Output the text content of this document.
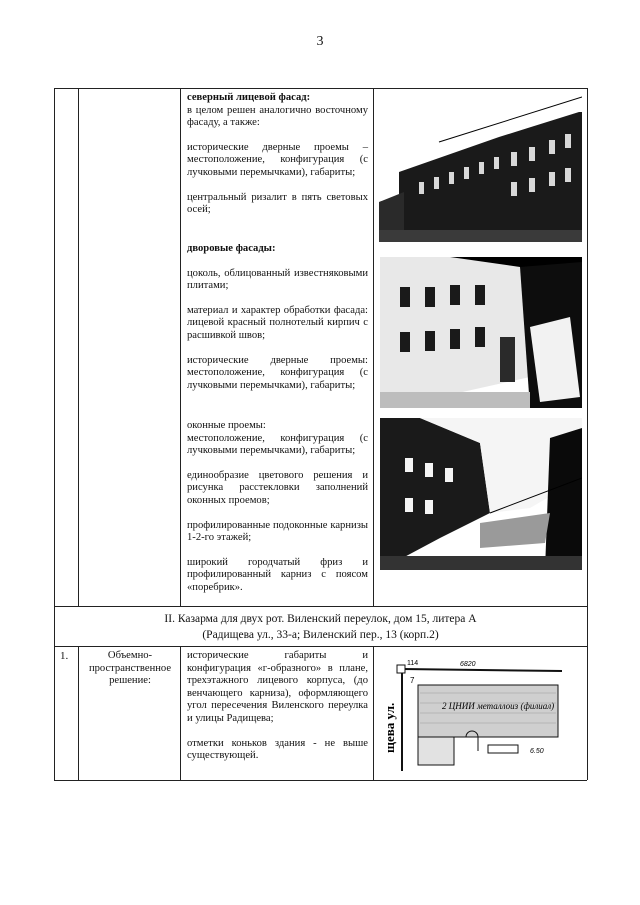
3

северный лицевой фасад:

в целом решен аналогично восточному фасаду, а также:

исторические дверные проемы – местоположение, конфигурация (с лучковыми перемычками), габариты;

центральный ризалит в пять световых осей;

дворовые фасады:

цоколь, облицованный известняковыми плитами;

материал и характер обработки фасада: лицевой красный полнотелый кирпич с расшивкой швов;

исторические дверные проемы: местоположение, конфигурация (с лучковыми перемычками), габариты;

оконные проемы:

местоположение, конфигурация (с лучковыми перемычками), габариты;

единообразие цветового решения и рисунка расстекловки заполнений оконных проемов;

профилированные подоконные карнизы 1-2-го этажей;

широкий городчатый фриз и профилированный карниз с поясом «поребрик».

II. Казарма для двух рот. Виленский переулок, дом 15, литера А
(Радищева ул., 33-а; Виленский пер., 13 (корп.2)
1.	Объемно-пространственное решение:

исторические габариты и конфигурация «г-образного» в плане, трехэтажного лицевого корпуса, (до венчающего карниза), оформляющего угол пересечения Виленского переулка и улицы Радищева;

отметки коньков здания - не выше существующей.

щева ул.
114	6820
7
2 ЦНИИ металлоиз (филиал)
6.50
